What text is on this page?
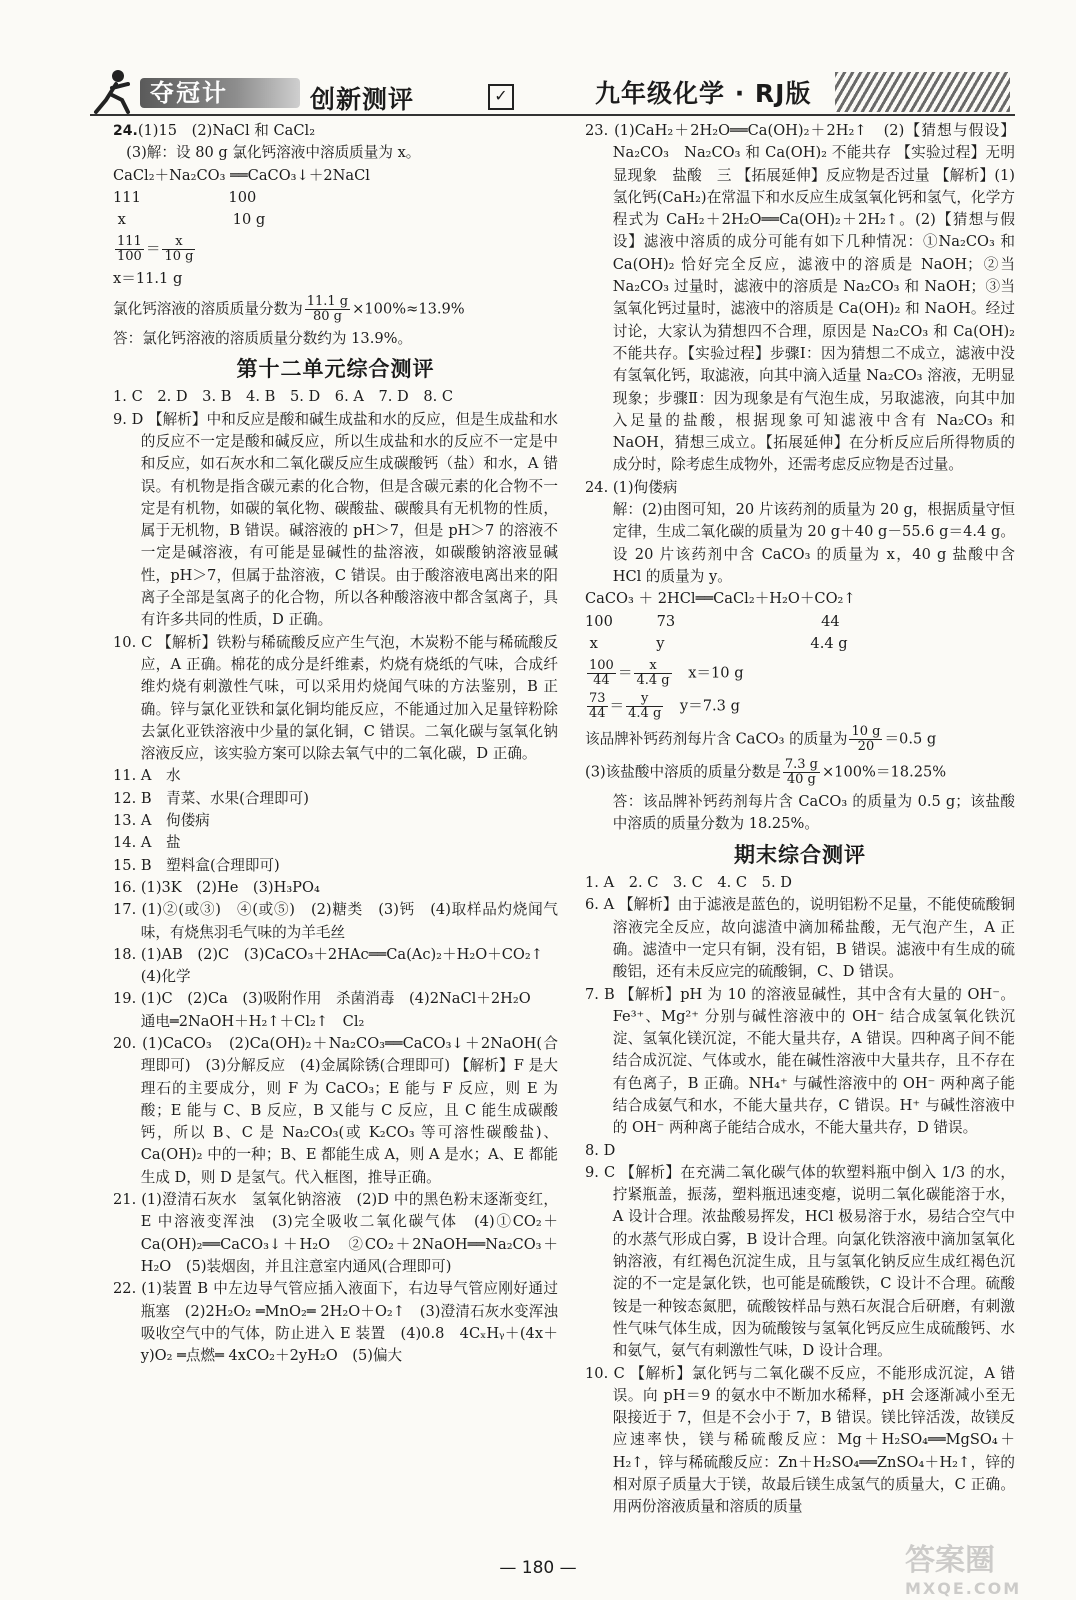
夺冠计	创新测评	✓	九年级化学 · RJ版

24.(1)15　(2)NaCl 和 CaCl₂

(3)解：设 80 g 氯化钙溶液中溶质质量为 x。

CaCl₂＋Na₂CO₃ ══CaCO₃↓＋2NaCl

111　　　　　　100

x　　　　　　　 10 g

$\frac{111}{100} = \frac{x}{10 g}$

x＝11.1 g

氯化钙溶液的溶质质量分数为 $\frac{11.1 g}{80 g} \times 100\%\approx 13.9\%$

答：氯化钙溶液的溶质质量分数约为 13.9%。

第十二单元综合测评

1. C　2. D　3. B　4. B　5. D　6. A　7. D　8. C

9. D 【解析】中和反应是酸和碱生成盐和水的反应，但是生成盐和水的反应不一定是酸和碱反应，所以生成盐和水的反应不一定是中和反应，如石灰水和二氧化碳反应生成碳酸钙（盐）和水，A 错误。有机物是指含碳元素的化合物，但是含碳元素的化合物不一定是有机物，如碳的氧化物、碳酸盐、碳酸具有无机物的性质，属于无机物，B 错误。碱溶液的 pH＞7，但是 pH＞7 的溶液不一定是碱溶液，有可能是显碱性的盐溶液，如碳酸钠溶液显碱性，pH＞7，但属于盐溶液，C 错误。由于酸溶液电离出来的阳离子全部是氢离子的化合物，所以各种酸溶液中都含氢离子，具有许多共同的性质，D 正确。

10. C 【解析】铁粉与稀硫酸反应产生气泡，木炭粉不能与稀硫酸反应，A 正确。棉花的成分是纤维素，灼烧有烧纸的气味，合成纤维灼烧有刺激性气味，可以采用灼烧闻气味的方法鉴别，B 正确。锌与氯化亚铁和氯化铜均能反应，不能通过加入足量锌粉除去氯化亚铁溶液中少量的氯化铜，C 错误。二氧化碳与氢氧化钠溶液反应，该实验方案可以除去氧气中的二氧化碳，D 正确。

11. A　水

12. B　青菜、水果(合理即可)

13. A　佝偻病

14. A　盐

15. B　塑料盒(合理即可)

16. (1)3K　(2)He　(3)H₃PO₄

17. (1)②(或③)　④(或⑤)　(2)糖类　(3)钙　(4)取样品灼烧闻气味，有烧焦羽毛气味的为羊毛丝

18. (1)AB　(2)C　(3)CaCO₃＋2HAc══Ca(Ac)₂＋H₂O＋CO₂↑

(4)化学

19. (1)C　(2)Ca　(3)吸附作用　杀菌消毒　(4)2NaCl＋2H₂O

通电═2NaOH＋H₂↑＋Cl₂↑　Cl₂

20. (1)CaCO₃　(2)Ca(OH)₂＋Na₂CO₃══CaCO₃↓＋2NaOH(合理即可)　(3)分解反应　(4)金属除锈(合理即可) 【解析】F 是大理石的主要成分，则 F 为 CaCO₃；E 能与 F 反应，则 E 为酸；E 能与 C、B 反应，B 又能与 C 反应，且 C 能生成碳酸钙，所以 B、C 是 Na₂CO₃(或 K₂CO₃ 等可溶性碳酸盐)、Ca(OH)₂ 中的一种；B、E 都能生成 A，则 A 是水；A、E 都能生成 D，则 D 是氢气。代入框图，推导正确。

21. (1)澄清石灰水　氢氧化钠溶液　(2)D 中的黑色粉末逐渐变红，E 中溶液变浑浊　(3)完全吸收二氧化碳气体　(4)①CO₂＋Ca(OH)₂══CaCO₃↓＋H₂O　②CO₂＋2NaOH══Na₂CO₃＋H₂O　(5)装烟囱，并且注意室内通风(合理即可)

22. (1)装置 B 中左边导气管应插入液面下，右边导气管应刚好通过瓶塞　(2)2H₂O₂ ═MnO₂═ 2H₂O＋O₂↑　(3)澄清石灰水变浑浊　吸收空气中的气体，防止进入 E 装置　(4)0.8　4CₓHᵧ＋(4x＋y)O₂ ═点燃═ 4xCO₂＋2yH₂O　(5)偏大

23. (1)CaH₂＋2H₂O══Ca(OH)₂＋2H₂↑　(2)【猜想与假设】Na₂CO₃　Na₂CO₃ 和 Ca(OH)₂ 不能共存 【实验过程】无明显现象　盐酸　三 【拓展延伸】反应物是否过量 【解析】(1)氢化钙(CaH₂)在常温下和水反应生成氢氧化钙和氢气，化学方程式为 CaH₂＋2H₂O══Ca(OH)₂＋2H₂↑。(2)【猜想与假设】滤液中溶质的成分可能有如下几种情况：①Na₂CO₃ 和 Ca(OH)₂ 恰好完全反应，滤液中的溶质是 NaOH；②当 Na₂CO₃ 过量时，滤液中的溶质是 Na₂CO₃ 和 NaOH；③当氢氧化钙过量时，滤液中的溶质是 Ca(OH)₂ 和 NaOH。经过讨论，大家认为猜想四不合理，原因是 Na₂CO₃ 和 Ca(OH)₂ 不能共存。【实验过程】步骤Ⅰ：因为猜想二不成立，滤液中没有氢氧化钙，取滤液，向其中滴入适量 Na₂CO₃ 溶液，无明显现象；步骤Ⅱ：因为现象是有气泡生成，另取滤液，向其中加入足量的盐酸，根据现象可知滤液中含有 Na₂CO₃ 和 NaOH，猜想三成立。【拓展延伸】在分析反应后所得物质的成分时，除考虑生成物外，还需考虑反应物是否过量。

24. (1)佝偻病

解：(2)由图可知，20 片该药剂的质量为 20 g，根据质量守恒定律，生成二氧化碳的质量为 20 g＋40 g－55.6 g＝4.4 g。设 20 片该药剂中含 CaCO₃ 的质量为 x，40 g 盐酸中含 HCl 的质量为 y。

CaCO₃ ＋ 2HCl══CaCl₂＋H₂O＋CO₂↑

100　　　73　　　　　　　　　　44

x　　　　y　　　　　　　　　　4.4 g

$\frac{100}{44} = \frac{x}{4.4 g}$
　 x＝10 g
$\frac{73}{44} = \frac{y}{4.4 g}$
　 y＝7.3 g
该品牌补钙药剂每片含 CaCO₃ 的质量为 $\frac{10 g}{20} =0.5$ g
(3)该盐酸中溶质的质量分数是 $\frac{7.3 g}{40 g} \times 100\%=18.25\%$

答：该品牌补钙药剂每片含 CaCO₃ 的质量为 0.5 g；该盐酸中溶质的质量分数为 18.25%。

期末综合测评

1. A　2. C　3. C　4. C　5. D

6. A 【解析】由于滤液是蓝色的，说明铝粉不足量，不能使硫酸铜溶液完全反应，故向滤渣中滴加稀盐酸，无气泡产生，A 正确。滤渣中一定只有铜，没有铝，B 错误。滤液中有生成的硫酸铝，还有未反应完的硫酸铜，C、D 错误。

7. B 【解析】pH 为 10 的溶液显碱性，其中含有大量的 OH⁻。Fe³⁺、Mg²⁺ 分别与碱性溶液中的 OH⁻ 结合成氢氧化铁沉淀、氢氧化镁沉淀，不能大量共存，A 错误。四种离子间不能结合成沉淀、气体或水，能在碱性溶液中大量共存，且不存在有色离子，B 正确。NH₄⁺ 与碱性溶液中的 OH⁻ 两种离子能结合成氨气和水，不能大量共存，C 错误。H⁺ 与碱性溶液中的 OH⁻ 两种离子能结合成水，不能大量共存，D 错误。

8. D

9. C 【解析】在充满二氧化碳气体的软塑料瓶中倒入 1/3 的水，拧紧瓶盖，振荡，塑料瓶迅速变瘪，说明二氧化碳能溶于水，A 设计合理。浓盐酸易挥发，HCl 极易溶于水，易结合空气中的水蒸气形成白雾，B 设计合理。向氯化铁溶液中滴加氢氧化钠溶液，有红褐色沉淀生成，且与氢氧化钠反应生成红褐色沉淀的不一定是氯化铁，也可能是硫酸铁，C 设计不合理。硫酸铵是一种铵态氮肥，硫酸铵样品与熟石灰混合后研磨，有刺激性气味气体生成，因为硫酸铵与氢氧化钙反应生成硫酸钙、水和氨气，氨气有刺激性气味，D 设计合理。

10. C 【解析】氯化钙与二氧化碳不反应，不能形成沉淀，A 错误。向 pH＝9 的氨水中不断加水稀释，pH 会逐渐减小至无限接近于 7，但是不会小于 7，B 错误。镁比锌活泼，故镁反应速率快，镁与稀硫酸反应：Mg＋H₂SO₄══MgSO₄＋H₂↑，锌与稀硫酸反应：Zn＋H₂SO₄══ZnSO₄＋H₂↑，锌的相对原子质量大于镁，故最后镁生成氢气的质量大，C 正确。用两份溶液质量和溶质的质量

— 180 —	答案圈
MXQE.COM
